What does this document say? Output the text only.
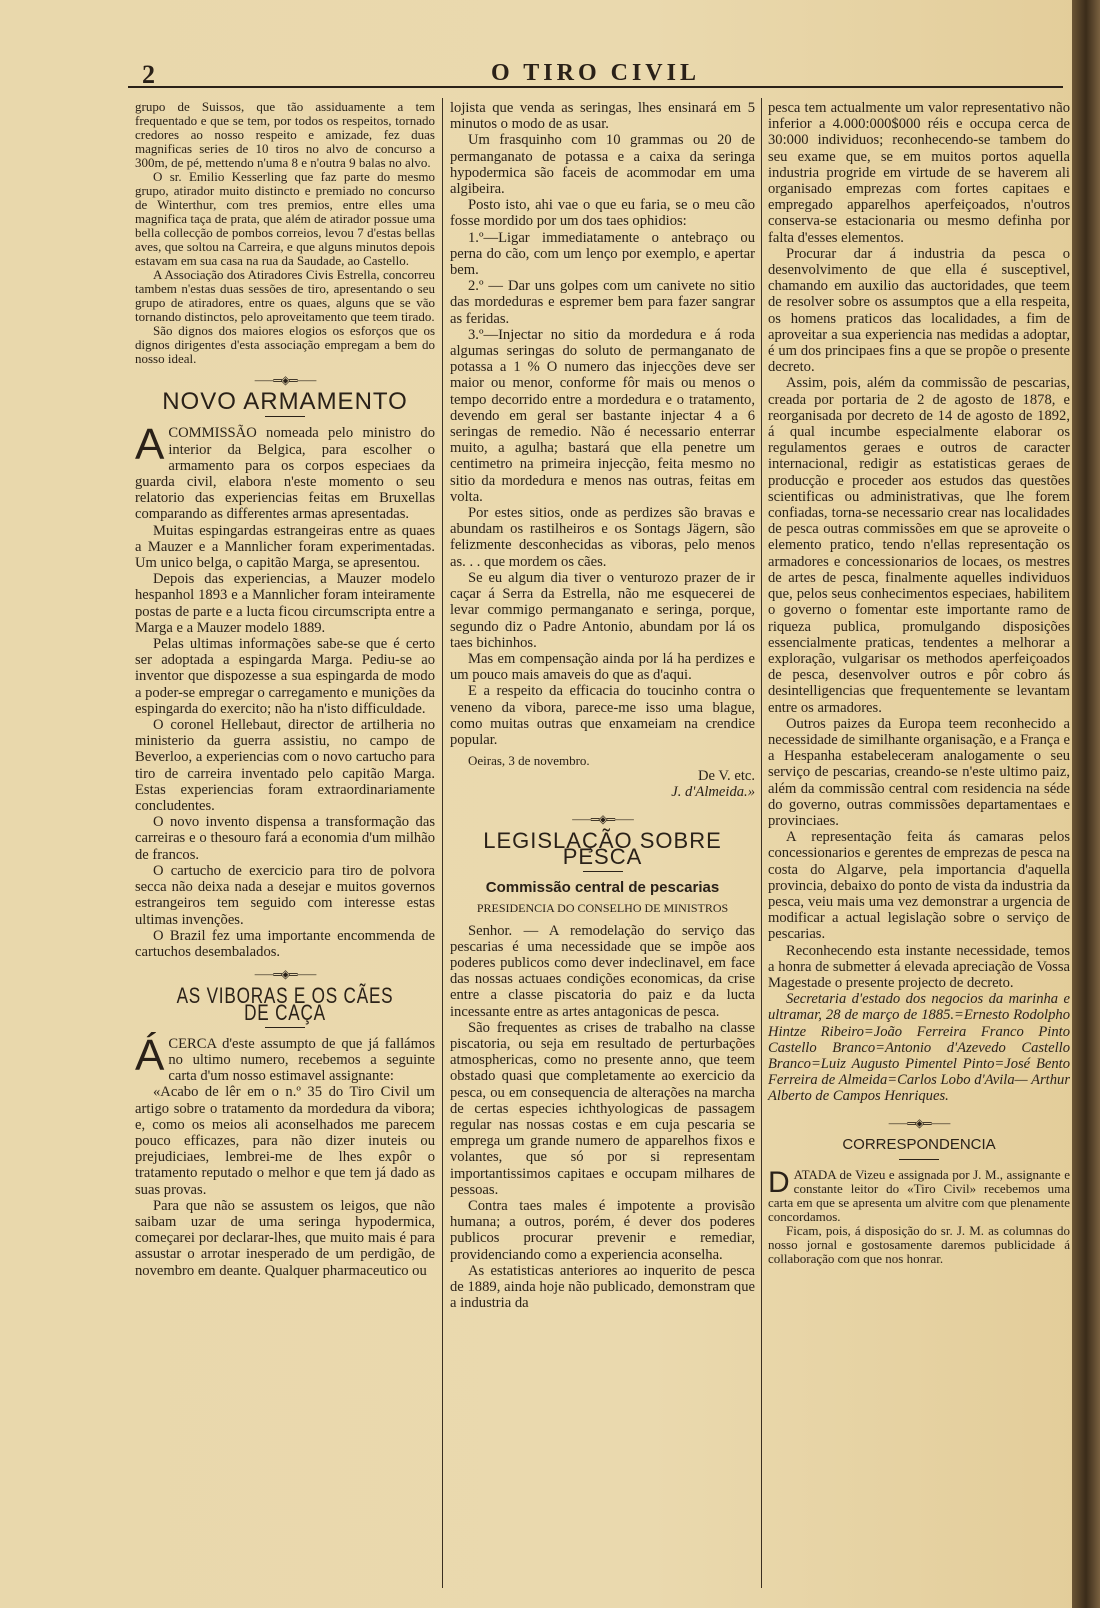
2	O TIRO CIVIL

grupo de Suissos, que tão assiduamente a tem frequentado e que se tem, por todos os respeitos, tornado credores ao nosso respeito e amizade, fez duas magnificas series de 10 tiros no alvo de concurso a 300m, de pé, mettendo n'uma 8 e n'outra 9 balas no alvo.

O sr. Emilio Kesserling que faz parte do mesmo grupo, atirador muito distincto e premiado no concurso de Winterthur, com tres premios, entre elles uma magnifica taça de prata, que além de atirador possue uma bella collecção de pombos correios, levou 7 d'estas bellas aves, que soltou na Carreira, e que alguns minutos depois estavam em sua casa na rua da Saudade, ao Castello.

A Associação dos Atiradores Civis Estrella, concorreu tambem n'estas duas sessões de tiro, apresentando o seu grupo de atiradores, entre os quaes, alguns que se vão tornando distinctos, pelo aproveitamento que teem tirado.

São dignos dos maiores elogios os esforços que os dignos dirigentes d'esta associação empregam a bem do nosso ideal.

⸺═◈═⸺
NOVO ARMAMENTO

ACOMMISSÃO nomeada pelo ministro do interior da Belgica, para escolher o armamento para os corpos especiaes da guarda civil, elabora n'este momento o seu relatorio das experiencias feitas em Bruxellas comparando as differentes armas apresentadas.

Muitas espingardas estrangeiras entre as quaes a Mauzer e a Mannlicher foram experimentadas. Um unico belga, o capitão Marga, se apresentou.

Depois das experiencias, a Mauzer modelo hespanhol 1893 e a Mannlicher foram inteiramente postas de parte e a lucta ficou circumscripta entre a Marga e a Mauzer modelo 1889.

Pelas ultimas informações sabe-se que é certo ser adoptada a espingarda Marga. Pediu-se ao inventor que dispozesse a sua espingarda de modo a poder-se empregar o carregamento e munições da espingarda do exercito; não ha n'isto difficuldade.

O coronel Hellebaut, director de artilheria no ministerio da guerra assistiu, no campo de Beverloo, a experiencias com o novo cartucho para tiro de carreira inventado pelo capitão Marga. Estas experiencias foram extraordinariamente concludentes.

O novo invento dispensa a transformação das carreiras e o thesouro fará a economia d'um milhão de francos.

O cartucho de exercicio para tiro de polvora secca não deixa nada a desejar e muitos governos estrangeiros tem seguido com interesse estas ultimas invenções.

O Brazil fez uma importante encommenda de cartuchos desembalados.

⸺═◈═⸺
AS VIBORAS E OS CÃES DE CAÇA

ÁCERCA d'este assumpto de que já fallámos no ultimo numero, recebemos a seguinte carta d'um nosso estimavel assignante:

«Acabo de lêr em o n.º 35 do Tiro Civil um artigo sobre o tratamento da mordedura da vibora; e, como os meios ali aconselhados me parecem pouco efficazes, para não dizer inuteis ou prejudiciaes, lembrei-me de lhes expôr o tratamento reputado o melhor e que tem já dado as suas provas.

Para que não se assustem os leigos, que não saibam uzar de uma seringa hypodermica, começarei por declarar-lhes, que muito mais é para assustar o arrotar inesperado de um perdigão, de novembro em deante. Qualquer pharmaceutico ou

lojista que venda as seringas, lhes ensinará em 5 minutos o modo de as usar.

Um frasquinho com 10 grammas ou 20 de permanganato de potassa e a caixa da seringa hypodermica são faceis de acommodar em uma algibeira.

Posto isto, ahi vae o que eu faria, se o meu cão fosse mordido por um dos taes ophidios:

1.º—Ligar immediatamente o antebraço ou perna do cão, com um lenço por exemplo, e apertar bem.

2.º — Dar uns golpes com um canivete no sitio das mordeduras e espremer bem para fazer sangrar as feridas.

3.º—Injectar no sitio da mordedura e á roda algumas seringas do soluto de permanganato de potassa a 1 % O numero das injecções deve ser maior ou menor, conforme fôr mais ou menos o tempo decorrido entre a mordedura e o tratamento, devendo em geral ser bastante injectar 4 a 6 seringas de remedio. Não é necessario enterrar muito, a agulha; bastará que ella penetre um centimetro na primeira injecção, feita mesmo no sitio da mordedura e menos nas outras, feitas em volta.

Por estes sitios, onde as perdizes são bravas e abundam os rastilheiros e os Sontags Jägern, são felizmente desconhecidas as viboras, pelo menos as. . . que mordem os cães.

Se eu algum dia tiver o venturozo prazer de ir caçar á Serra da Estrella, não me esquecerei de levar commigo permanganato e seringa, porque, segundo diz o Padre Antonio, abundam por lá os taes bichinhos.

Mas em compensação ainda por lá ha perdizes e um pouco mais amaveis do que as d'aqui.

E a respeito da efficacia do toucinho contra o veneno da vibora, parece-me isso uma blague, como muitas outras que enxameiam na crendice popular.

Oeiras, 3 de novembro.

De V. etc.
J. d'Almeida.»
⸺═◈═⸺
LEGISLAÇÃO SOBRE PESCA
Commissão central de pescarias
PRESIDENCIA DO CONSELHO DE MINISTROS

Senhor. — A remodelação do serviço das pescarias é uma necessidade que se impõe aos poderes publicos como dever indeclinavel, em face das nossas actuaes condições economicas, da crise entre a classe piscatoria do paiz e da lucta incessante entre as artes antagonicas de pesca.

São frequentes as crises de trabalho na classe piscatoria, ou seja em resultado de perturbações atmosphericas, como no presente anno, que teem obstado quasi que completamente ao exercicio da pesca, ou em consequencia de alterações na marcha de certas especies ichthyologicas de passagem regular nas nossas costas e em cuja pescaria se emprega um grande numero de apparelhos fixos e volantes, que só por si representam importantissimos capitaes e occupam milhares de pessoas.

Contra taes males é impotente a provisão humana; a outros, porém, é dever dos poderes publicos procurar prevenir e remediar, providenciando como a experiencia aconselha.

As estatisticas anteriores ao inquerito de pesca de 1889, ainda hoje não publicado, demonstram que a industria da

pesca tem actualmente um valor representativo não inferior a 4.000:000$000 réis e occupa cerca de 30:000 individuos; reconhecendo-se tambem do seu exame que, se em muitos portos aquella industria progride em virtude de se haverem ali organisado emprezas com fortes capitaes e empregado apparelhos aperfeiçoados, n'outros conserva-se estacionaria ou mesmo definha por falta d'esses elementos.

Procurar dar á industria da pesca o desenvolvimento de que ella é susceptivel, chamando em auxilio das auctoridades, que teem de resolver sobre os assumptos que a ella respeita, os homens praticos das localidades, a fim de aproveitar a sua experiencia nas medidas a adoptar, é um dos principaes fins a que se propõe o presente decreto.

Assim, pois, além da commissão de pescarias, creada por portaria de 2 de agosto de 1878, e reorganisada por decreto de 14 de agosto de 1892, á qual incumbe especialmente elaborar os regulamentos geraes e outros de caracter internacional, redigir as estatisticas geraes de producção e proceder aos estudos das questões scientificas ou administrativas, que lhe forem confiadas, torna-se necessario crear nas localidades de pesca outras commissões em que se aproveite o elemento pratico, tendo n'ellas representação os armadores e concessionarios de locaes, os mestres de artes de pesca, finalmente aquelles individuos que, pelos seus conhecimentos especiaes, habilitem o governo o fomentar este importante ramo de riqueza publica, promulgando disposições essencialmente praticas, tendentes a melhorar a exploração, vulgarisar os methodos aperfeiçoados de pesca, desenvolver outros e pôr cobro ás desintelligencias que frequentemente se levantam entre os armadores.

Outros paizes da Europa teem reconhecido a necessidade de similhante organisação, e a França e a Hespanha estabeleceram analogamente o seu serviço de pescarias, creando-se n'este ultimo paiz, além da commissão central com residencia na séde do governo, outras commissões departamentaes e provinciaes.

A representação feita ás camaras pelos concessionarios e gerentes de emprezas de pesca na costa do Algarve, pela importancia d'aquella provincia, debaixo do ponto de vista da industria da pesca, veiu mais uma vez demonstrar a urgencia de modificar a actual legislação sobre o serviço de pescarias.

Reconhecendo esta instante necessidade, temos a honra de submetter á elevada apreciação de Vossa Magestade o presente projecto de decreto.

Secretaria d'estado dos negocios da marinha e ultramar, 28 de março de 1885.=Ernesto Rodolpho Hintze Ribeiro=João Ferreira Franco Pinto Castello Branco=Antonio d'Azevedo Castello Branco=Luiz Augusto Pimentel Pinto=José Bento Ferreira de Almeida=Carlos Lobo d'Avila— Arthur Alberto de Campos Henriques.

⸺═◈═⸺
CORRESPONDENCIA

DATADA de Vizeu e assignada por J. M., assignante e constante leitor do «Tiro Civil» recebemos uma carta em que se apresenta um alvitre com que plenamente concordamos.

Ficam, pois, á disposição do sr. J. M. as columnas do nosso jornal e gostosamente daremos publicidade á collaboração com que nos honrar.
